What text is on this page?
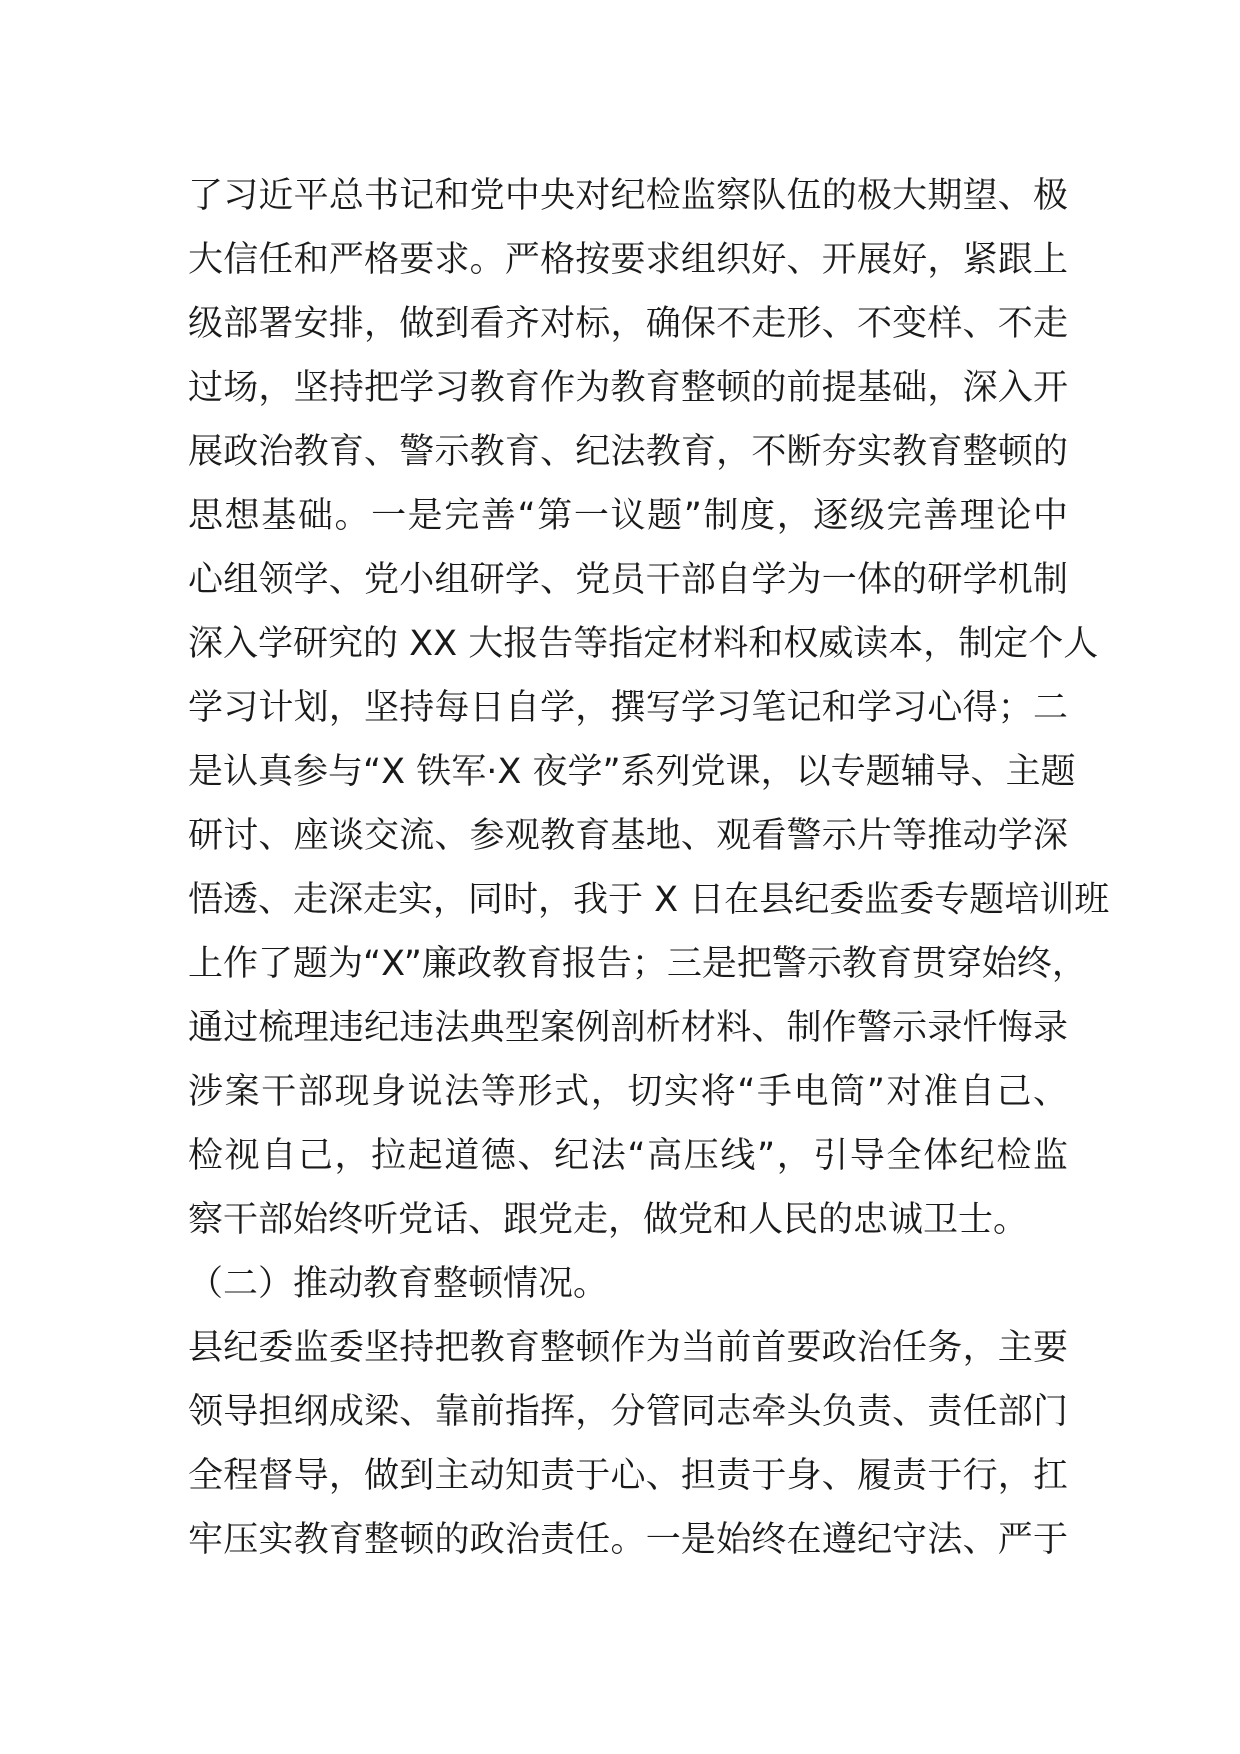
了习近平总书记和党中央对纪检监察队伍的极大期望、极
大信任和严格要求。严格按要求组织好、开展好，紧跟上
级部署安排，做到看齐对标，确保不走形、不变样、不走
过场，坚持把学习教育作为教育整顿的前提基础，深入开
展政治教育、警示教育、纪法教育，不断夯实教育整顿的
思想基础。一是完善“第一议题”制度，逐级完善理论中
心组领学、党小组研学、党员干部自学为一体的研学机制
深入学研究的 XX 大报告等指定材料和权威读本，制定个人
学习计划，坚持每日自学，撰写学习笔记和学习心得；二
是认真参与“X 铁军·X 夜学”系列党课，以专题辅导、主题
研讨、座谈交流、参观教育基地、观看警示片等推动学深
悟透、走深走实，同时，我于 X 日在县纪委监委专题培训班
上作了题为“X”廉政教育报告；三是把警示教育贯穿始终，
通过梳理违纪违法典型案例剖析材料、制作警示录忏悔录
涉案干部现身说法等形式，切实将“手电筒”对准自己、
检视自己，拉起道德、纪法“高压线”，引导全体纪检监
察干部始终听党话、跟党走，做党和人民的忠诚卫士。
（二）推动教育整顿情况。
县纪委监委坚持把教育整顿作为当前首要政治任务，主要
领导担纲成梁、靠前指挥，分管同志牵头负责、责任部门
全程督导，做到主动知责于心、担责于身、履责于行，扛
牢压实教育整顿的政治责任。一是始终在遵纪守法、严于
